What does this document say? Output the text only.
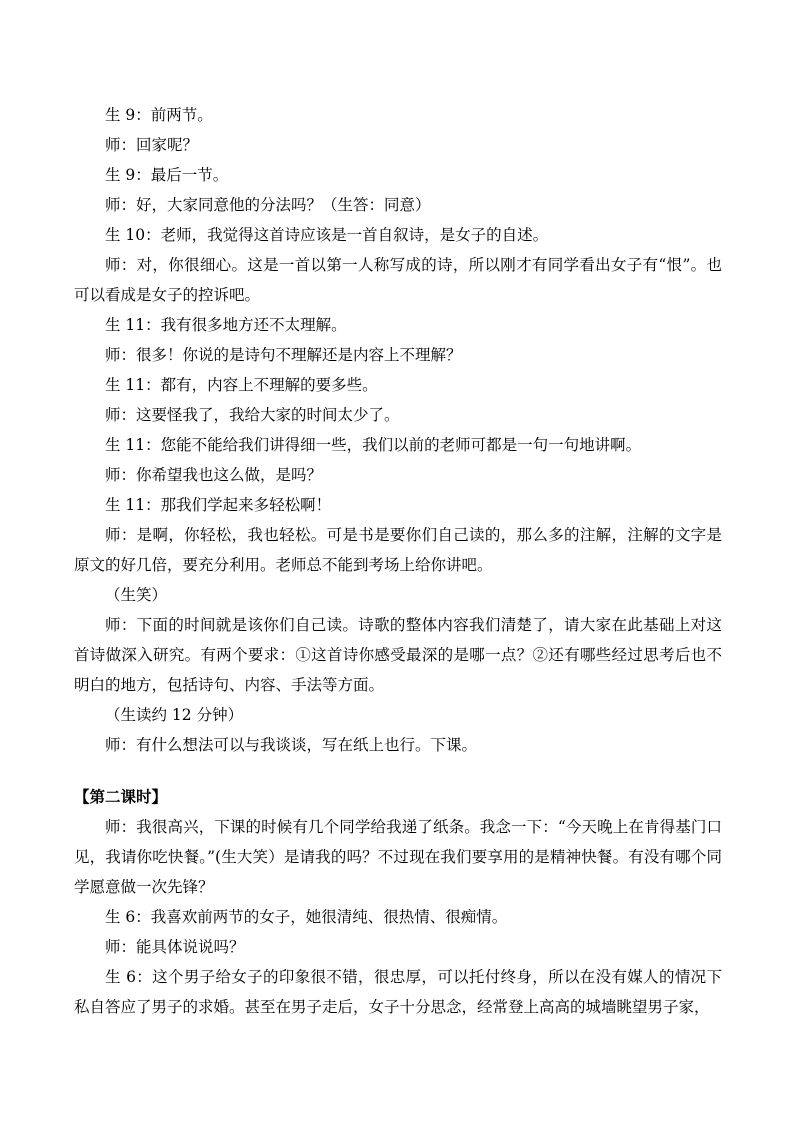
生 9：前两节。

师：回家呢？

生 9：最后一节。

师：好，大家同意他的分法吗？（生答：同意）

生 10：老师，我觉得这首诗应该是一首自叙诗，是女子的自述。

师：对，你很细心。这是一首以第一人称写成的诗，所以刚才有同学看出女子有“恨”。也可以看成是女子的控诉吧。

生 11：我有很多地方还不太理解。

师：很多！你说的是诗句不理解还是内容上不理解？

生 11：都有，内容上不理解的要多些。

师：这要怪我了，我给大家的时间太少了。

生 11：您能不能给我们讲得细一些，我们以前的老师可都是一句一句地讲啊。

师：你希望我也这么做，是吗？

生 11：那我们学起来多轻松啊！

师：是啊，你轻松，我也轻松。可是书是要你们自己读的，那么多的注解，注解的文字是原文的好几倍，要充分利用。老师总不能到考场上给你讲吧。

（生笑）

师：下面的时间就是该你们自己读。诗歌的整体内容我们清楚了，请大家在此基础上对这首诗做深入研究。有两个要求：①这首诗你感受最深的是哪一点？②还有哪些经过思考后也不明白的地方，包括诗句、内容、手法等方面。

（生读约 12 分钟）

师：有什么想法可以与我谈谈，写在纸上也行。下课。

【第二课时】

师：我很高兴，下课的时候有几个同学给我递了纸条。我念一下：“今天晚上在肯得基门口见，我请你吃快餐。”(生大笑）是请我的吗？不过现在我们要享用的是精神快餐。有没有哪个同学愿意做一次先锋？

生 6：我喜欢前两节的女子，她很清纯、很热情、很痴情。

师：能具体说说吗？

生 6：这个男子给女子的印象很不错，很忠厚，可以托付终身，所以在没有媒人的情况下私自答应了男子的求婚。甚至在男子走后，女子十分思念，经常登上高高的城墙眺望男子家，
